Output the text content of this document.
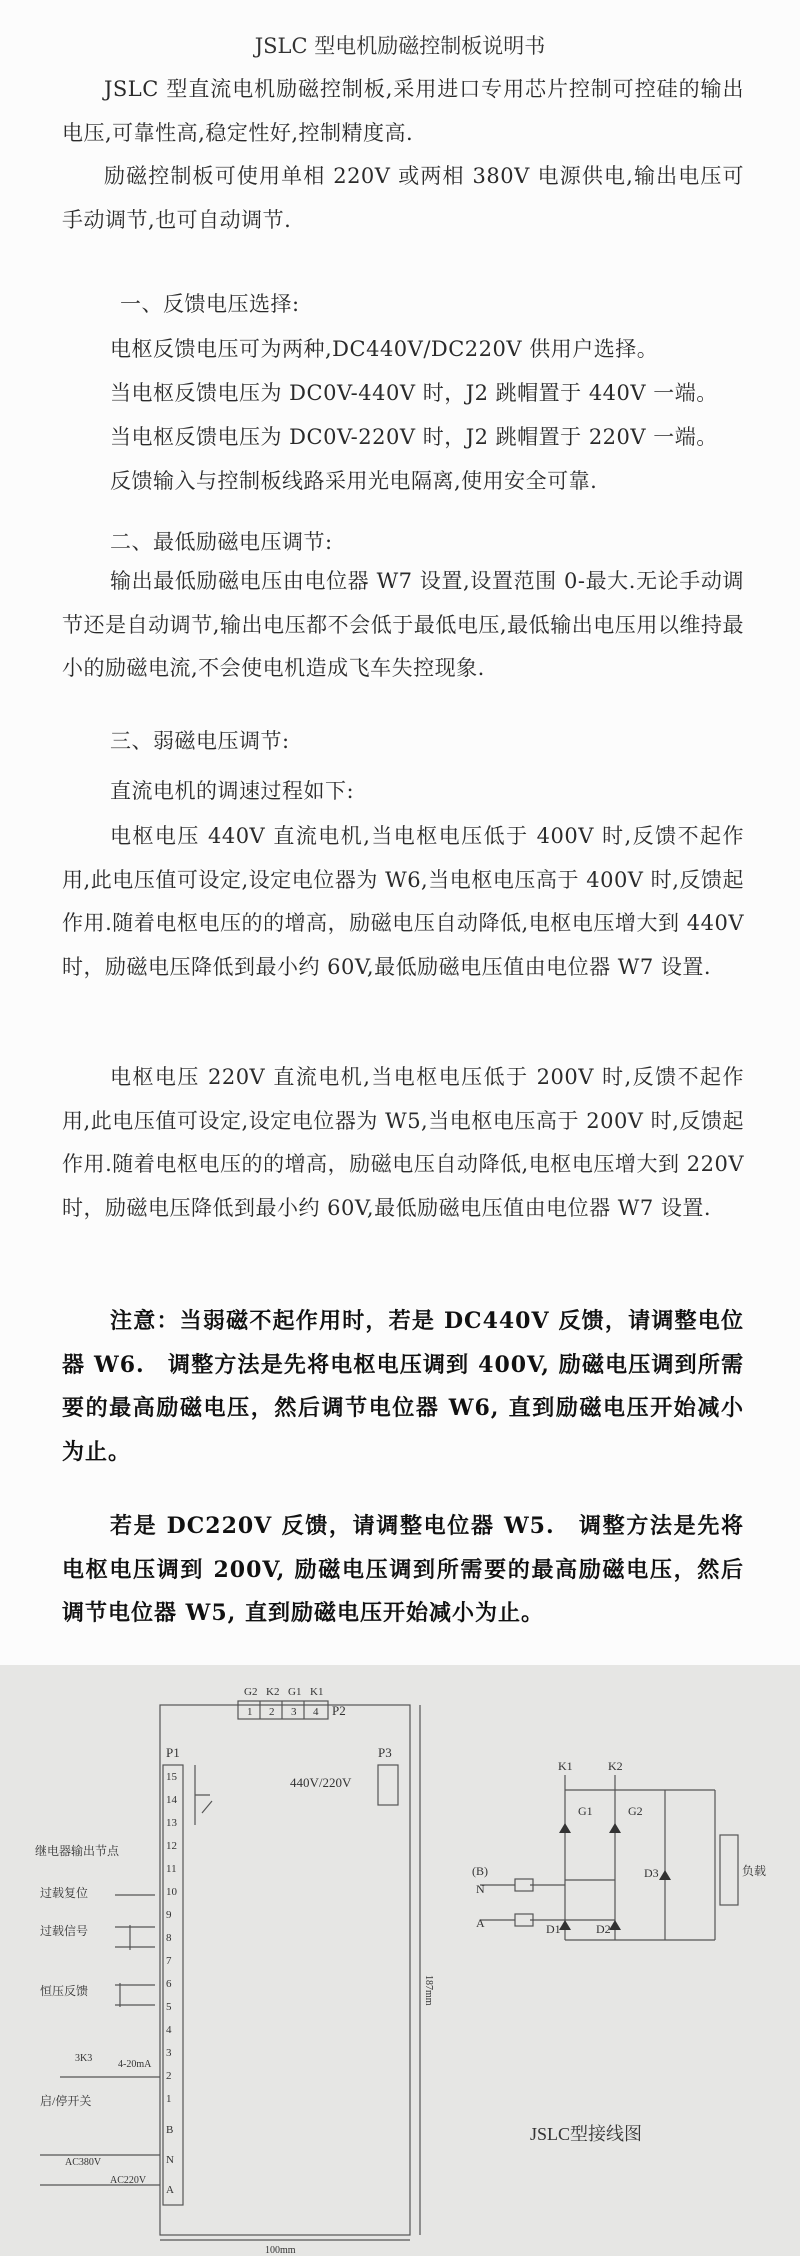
JSLC 型电机励磁控制板说明书
JSLC 型直流电机励磁控制板,采用进口专用芯片控制可控硅的输出电压,可靠性高,稳定性好,控制精度高.
励磁控制板可使用单相 220V 或两相 380V 电源供电,输出电压可手动调节,也可自动调节.
一、反馈电压选择:
电枢反馈电压可为两种,DC440V/DC220V 供用户选择。
当电枢反馈电压为 DC0V-440V 时，J2 跳帽置于 440V 一端。
当电枢反馈电压为 DC0V-220V 时，J2 跳帽置于 220V 一端。
反馈输入与控制板线路采用光电隔离,使用安全可靠.
二、最低励磁电压调节:
输出最低励磁电压由电位器 W7 设置,设置范围 0-最大.无论手动调节还是自动调节,输出电压都不会低于最低电压,最低输出电压用以维持最小的励磁电流,不会使电机造成飞车失控现象.
三、弱磁电压调节:
直流电机的调速过程如下:
电枢电压 440V 直流电机,当电枢电压低于 400V 时,反馈不起作用,此电压值可设定,设定电位器为 W6,当电枢电压高于 400V 时,反馈起作用.随着电枢电压的的增高，励磁电压自动降低,电枢电压增大到 440V 时，励磁电压降低到最小约 60V,最低励磁电压值由电位器 W7 设置.
电枢电压 220V 直流电机,当电枢电压低于 200V 时,反馈不起作用,此电压值可设定,设定电位器为 W5,当电枢电压高于 200V 时,反馈起作用.随着电枢电压的的增高，励磁电压自动降低,电枢电压增大到 220V 时，励磁电压降低到最小约 60V,最低励磁电压值由电位器 W7 设置.
注意：当弱磁不起作用时，若是 DC440V 反馈，请调整电位器 W6.　调整方法是先将电枢电压调到 400V, 励磁电压调到所需要的最高励磁电压，然后调节电位器 W6, 直到励磁电压开始减小为止。
若是 DC220V 反馈，请调整电位器 W5.　调整方法是先将电枢电压调到 200V, 励磁电压调到所需要的最高励磁电压，然后调节电位器 W5, 直到励磁电压开始减小为止。
G2 K2 G1 K1
1 2 3 4 P2
P1	P3
440V/220V
15
14
13
12
11
10
9
8
7
6
5
4
3
2
1
B
N
A
继电器输出节点
过载复位
过载信号
恒压反馈
3K3
4-20mA
启/停开关
AC380V
AC220V
187mm
100mm
K1	K2
G1	G2
(B)
N
A	D1	D2
D3	负载
JSLC型接线图
